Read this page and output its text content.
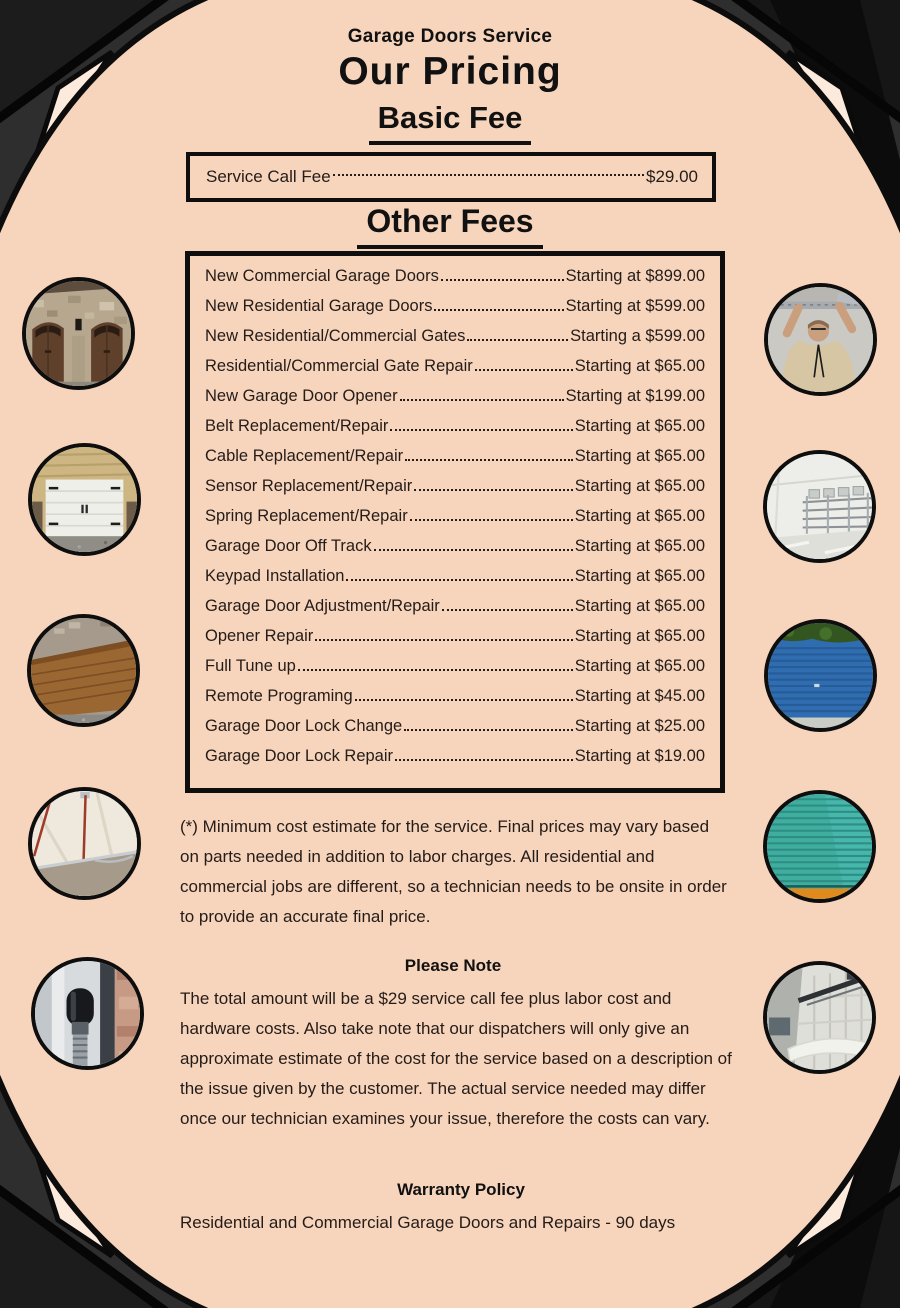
Garage Doors Service
Our Pricing
Basic Fee
Service Call Fee	$29.00
Other Fees
New Commercial Garage Doors	Starting at $899.00
New Residential Garage Doors	Starting at $599.00
New Residential/Commercial Gates	Starting a $599.00
Residential/Commercial Gate Repair	Starting at $65.00
New Garage Door Opener	Starting at $199.00
Belt Replacement/Repair	Starting at $65.00
Cable Replacement/Repair	Starting at $65.00
Sensor Replacement/Repair	Starting at $65.00
Spring Replacement/Repair	Starting at $65.00
Garage Door Off Track	Starting at $65.00
Keypad Installation	Starting at $65.00
Garage Door Adjustment/Repair	Starting at $65.00
Opener Repair	Starting at $65.00
Full Tune up	Starting at $65.00
Remote Programing	Starting at $45.00
Garage Door Lock Change	Starting at $25.00
Garage Door Lock Repair	Starting at $19.00
(*) Minimum cost estimate for the service. Final prices may vary based on parts needed in addition to labor charges. All residential and commercial jobs are different, so a technician needs to be onsite in order to provide an accurate final price.
Please Note
The total amount will be a $29 service call fee plus labor cost and hardware costs. Also take note that our dispatchers will only give an approximate estimate of the cost for the service based on a description of the issue given by the customer. The actual service needed may differ once our technician examines your issue, therefore the costs can vary.
Warranty Policy
Residential and Commercial Garage Doors and Repairs - 90 days
